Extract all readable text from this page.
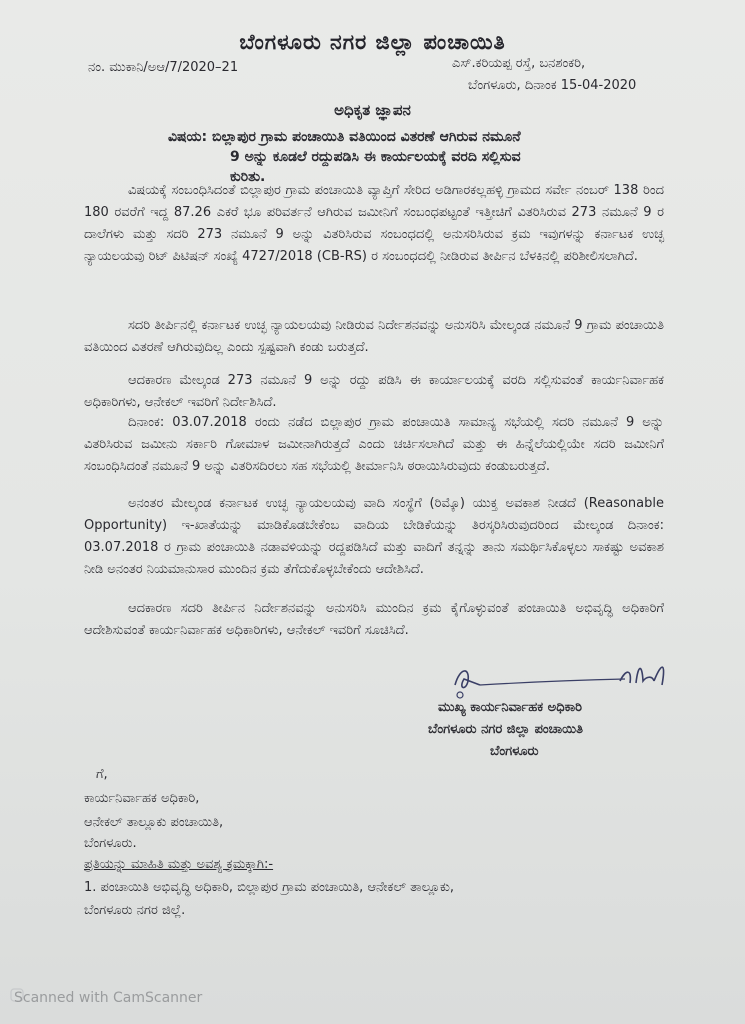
ಬೆಂಗಳೂರು ನಗರ ಜಿಲ್ಲಾ ಪಂಚಾಯಿತಿ
ನಂ. ಮುಕಾನಿ/ಅಆ/7/2020–21	ಎಸ್.ಕರಿಯಪ್ಪ ರಸ್ತೆ, ಬನಶಂಕರಿ,
ಬೆಂಗಳೂರು, ದಿನಾಂಕ 15-04-2020
ಅಧಿಕೃತ ಜ್ಞಾಪನ
ವಿಷಯ: ಬಿಲ್ಲಾಪುರ ಗ್ರಾಮ ಪಂಚಾಯಿತಿ ವತಿಯಿಂದ ವಿತರಣೆ ಆಗಿರುವ ನಮೂನೆ
9 ಅನ್ನು ಕೂಡಲೆ ರದ್ದುಪಡಿಸಿ ಈ ಕಾರ್ಯಲಯಕ್ಕೆ ವರದಿ ಸಲ್ಲಿಸುವ
ಕುರಿತು.
ವಿಷಯಕ್ಕೆ ಸಂಬಂಧಿಸಿದಂತೆ ಬಿಲ್ಲಾಪುರ ಗ್ರಾಮ ಪಂಚಾಯಿತಿ ವ್ಯಾಪ್ತಿಗೆ ಸೇರಿದ ಅಡಿಗಾರಕಲ್ಲಹಳ್ಳಿ ಗ್ರಾಮದ ಸರ್ವೇ ನಂಬರ್ 138 ರಿಂದ 180 ರವರೆಗೆ ಇದ್ದ 87.26 ಎಕರೆ ಭೂ ಪರಿವರ್ತನೆ ಆಗಿರುವ ಜಮೀನಿಗೆ ಸಂಬಂಧಪಟ್ಟಂತೆ ಇತ್ತೀಚಿಗೆ ವಿತರಿಸಿರುವ 273 ನಮೂನೆ 9 ರ ದಾಲೆಗಳು ಮತ್ತು ಸದರಿ 273 ನಮೂನೆ 9 ಅನ್ನು ವಿತರಿಸಿರುವ ಸಂಬಂಧದಲ್ಲಿ ಅನುಸರಿಸಿರುವ ಕ್ರಮ ಇವುಗಳನ್ನು ಕರ್ನಾಟಕ ಉಚ್ಛ ನ್ಯಾಯಲಯವು ರಿಟ್ ಪಿಟಿಷನ್ ಸಂಖ್ಯೆ 4727/2018 (CB-RS) ರ ಸಂಬಂಧದಲ್ಲಿ ನೀಡಿರುವ ತೀರ್ಪಿನ ಬೆಳಕಿನಲ್ಲಿ ಪರಿಶೀಲಿಸಲಾಗಿದೆ.
ಸದರಿ ತೀರ್ಪಿನಲ್ಲಿ ಕರ್ನಾಟಕ ಉಚ್ಛ ನ್ಯಾಯಲಯವು ನೀಡಿರುವ ನಿರ್ದೇಶನವನ್ನು ಅನುಸರಿಸಿ ಮೇಲ್ಕಂಡ ನಮೂನೆ 9 ಗ್ರಾಮ ಪಂಚಾಯಿತಿ ವತಿಯಿಂದ ವಿತರಣೆ ಆಗಿರುವುದಿಲ್ಲ ಎಂದು ಸ್ಪಷ್ಟವಾಗಿ ಕಂಡು ಬರುತ್ತದೆ.
ಆದಕಾರಣ ಮೇಲ್ಕಂಡ 273 ನಮೂನೆ 9 ಅನ್ನು ರದ್ದು ಪಡಿಸಿ ಈ ಕಾರ್ಯಾಲಯಕ್ಕೆ ವರದಿ ಸಲ್ಲಿಸುವಂತೆ ಕಾರ್ಯನಿರ್ವಾಹಕ ಅಧಿಕಾರಿಗಳು, ಆನೇಕಲ್ ಇವರಿಗೆ ನಿರ್ದೇಶಿಸಿದೆ.
ದಿನಾಂಕ: 03.07.2018 ರಂದು ನಡೆದ ಬಿಲ್ಲಾಪುರ ಗ್ರಾಮ ಪಂಚಾಯಿತಿ ಸಾಮಾನ್ಯ ಸಭೆಯಲ್ಲಿ ಸದರಿ ನಮೂನೆ 9 ಅನ್ನು ವಿತರಿಸಿರುವ ಜಮೀನು ಸರ್ಕಾರಿ ಗೋಮಾಳ ಜಮೀನಾಗಿರುತ್ತದೆ ಎಂದು ಚರ್ಚಿಸಲಾಗಿದೆ ಮತ್ತು ಈ ಹಿನ್ನೆಲೆಯಲ್ಲಿಯೇ ಸದರಿ ಜಮೀನಿಗೆ ಸಂಬಂಧಿಸಿದಂತೆ ನಮೂನೆ 9 ಅನ್ನು ವಿತರಿಸದಿರಲು ಸಹ ಸಭೆಯಲ್ಲಿ ತೀರ್ಮಾನಿಸಿ ಠರಾಯಿಸಿರುವುದು ಕಂಡುಬರುತ್ತದೆ.
ಅನಂತರ ಮೇಲ್ಕಂಡ ಕರ್ನಾಟಕ ಉಚ್ಛ ನ್ಯಾಯಲಯವು ವಾದಿ ಸಂಸ್ಥೆಗೆ (ರಿಮ್ಕೊ) ಯುಕ್ತ ಅವಕಾಶ ನೀಡದೆ (Reasonable Opportunity) ಇ-ಖಾತೆಯನ್ನು ಮಾಡಿಕೊಡಬೇಕೆಂಬ ವಾದಿಯ ಬೇಡಿಕೆಯನ್ನು ತಿರಸ್ಕರಿಸಿರುವುದರಿಂದ ಮೇಲ್ಕಂಡ ದಿನಾಂಕ: 03.07.2018 ರ ಗ್ರಾಮ ಪಂಚಾಯಿತಿ ನಡಾವಳಿಯನ್ನು ರದ್ದಪಡಿಸಿದೆ ಮತ್ತು ವಾದಿಗೆ ತನ್ನನ್ನು ತಾನು ಸಮರ್ಥಿಸಿಕೊಳ್ಳಲು ಸಾಕಷ್ಟು ಅವಕಾಶ ನೀಡಿ ಅನಂತರ ನಿಯಮಾನುಸಾರ ಮುಂದಿನ ಕ್ರಮ ತೆಗೆದುಕೊಳ್ಳಬೇಕೆಂದು ಆದೇಶಿಸಿದೆ.
ಆದಕಾರಣ ಸದರಿ ತೀರ್ಪಿನ ನಿರ್ದೇಶನವನ್ನು ಅನುಸರಿಸಿ ಮುಂದಿನ ಕ್ರಮ ಕೈಗೊಳ್ಳುವಂತೆ ಪಂಚಾಯಿತಿ ಅಭಿವೃದ್ಧಿ ಅಧಿಕಾರಿಗೆ ಆದೇಶಿಸುವಂತೆ ಕಾರ್ಯನಿರ್ವಾಹಕ ಅಧಿಕಾರಿಗಳು, ಆನೇಕಲ್ ಇವರಿಗೆ ಸೂಚಿಸಿದೆ.
ಮುಖ್ಯ ಕಾರ್ಯನಿರ್ವಾಹಕ ಅಧಿಕಾರಿ
ಬೆಂಗಳೂರು ನಗರ ಜಿಲ್ಲಾ ಪಂಚಾಯಿತಿ
ಬೆಂಗಳೂರು
ಗೆ,
ಕಾರ್ಯನಿರ್ವಾಹಕ ಅಧಿಕಾರಿ,
ಆನೇಕಲ್ ತಾಲ್ಲೂಕು ಪಂಚಾಯಿತಿ,
ಬೆಂಗಳೂರು.
ಪ್ರತಿಯನ್ನು ಮಾಹಿತಿ ಮತ್ತು ಅವಶ್ಯ ಕ್ರಮಕ್ಕಾಗಿ:-
1. ಪಂಚಾಯಿತಿ ಅಭಿವೃದ್ಧಿ ಅಧಿಕಾರಿ, ಬಿಲ್ಲಾಪುರ ಗ್ರಾಮ ಪಂಚಾಯಿತಿ, ಆನೇಕಲ್ ತಾಲ್ಲೂಕು,
ಬೆಂಗಳೂರು ನಗರ ಜಿಲ್ಲೆ.
Scanned with CamScanner
